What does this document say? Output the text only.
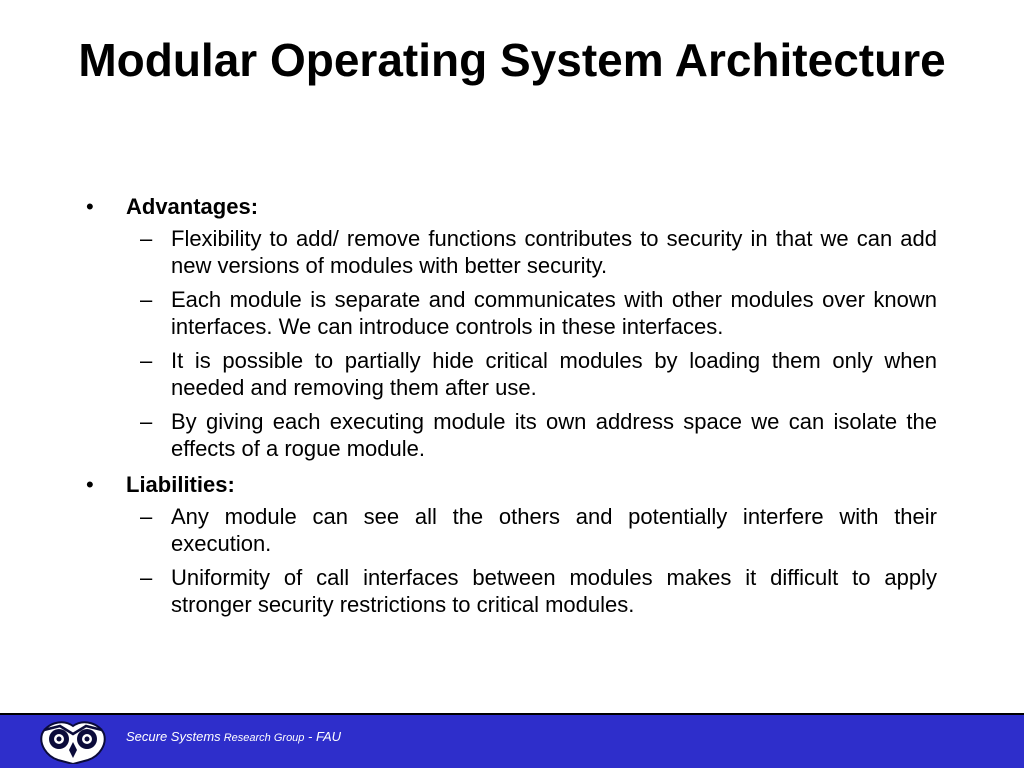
Modular Operating System Architecture
• Advantages:
– Flexibility to add/ remove functions contributes to security in that we can add new versions of modules with better security.
– Each module is separate and communicates with other modules over known interfaces. We can introduce controls in these interfaces.
– It is possible to partially hide critical modules by loading them only when needed and removing them after use.
– By giving each executing module its own address space we can isolate the effects of a rogue module.
• Liabilities:
– Any module can see all the others and potentially interfere with their execution.
– Uniformity of call interfaces between modules makes it difficult to apply stronger security restrictions to critical modules.
Secure Systems Research Group - FAU
